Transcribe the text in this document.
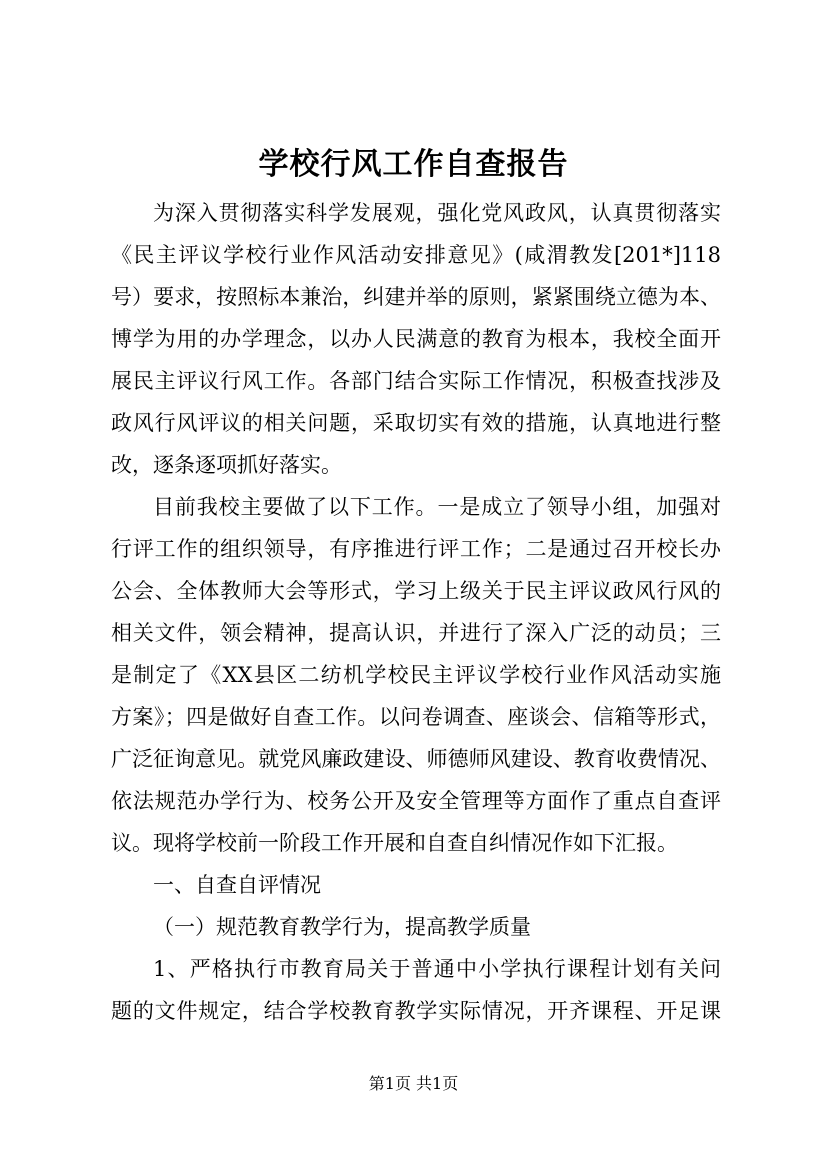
学校行风工作自查报告
为深入贯彻落实科学发展观，强化党风政风，认真贯彻落实
《民主评议学校行业作风活动安排意见》(咸渭教发[201*]118
号）要求，按照标本兼治，纠建并举的原则，紧紧围绕立德为本、
博学为用的办学理念，以办人民满意的教育为根本，我校全面开
展民主评议行风工作。各部门结合实际工作情况，积极查找涉及
政风行风评议的相关问题，采取切实有效的措施，认真地进行整
改，逐条逐项抓好落实。
目前我校主要做了以下工作。一是成立了领导小组，加强对
行评工作的组织领导，有序推进行评工作；二是通过召开校长办
公会、全体教师大会等形式，学习上级关于民主评议政风行风的
相关文件，领会精神，提高认识，并进行了深入广泛的动员；三
是制定了《XX县区二纺机学校民主评议学校行业作风活动实施
方案》；四是做好自查工作。以问卷调查、座谈会、信箱等形式，
广泛征询意见。就党风廉政建设、师德师风建设、教育收费情况、
依法规范办学行为、校务公开及安全管理等方面作了重点自查评
议。现将学校前一阶段工作开展和自查自纠情况作如下汇报。
一、自查自评情况
（一）规范教育教学行为，提高教学质量
1、严格执行市教育局关于普通中小学执行课程计划有关问
题的文件规定，结合学校教育教学实际情况，开齐课程、开足课
第1页 共1页
